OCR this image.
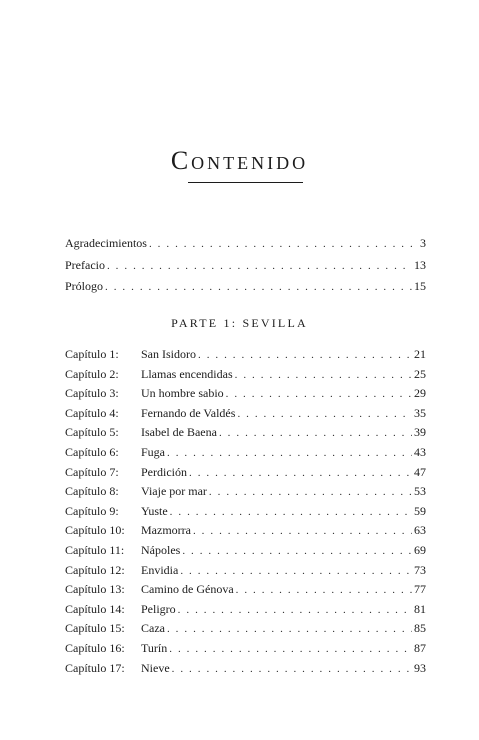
Contenido
Agradecimientos . . .	3
Prefacio . . .	13
Prólogo . . .	15
PARTE 1: SEVILLA
Capítulo 1:	San Isidoro . . .	21
Capítulo 2:	Llamas encendidas . . .	25
Capítulo 3:	Un hombre sabio . . .	29
Capítulo 4:	Fernando de Valdés . . .	35
Capítulo 5:	Isabel de Baena . . .	39
Capítulo 6:	Fuga . . .	43
Capítulo 7:	Perdición . . .	47
Capítulo 8:	Viaje por mar . . .	53
Capítulo 9:	Yuste . . .	59
Capítulo 10:	Mazmorra . . .	63
Capítulo 11:	Nápoles . . .	69
Capítulo 12:	Envidia . . .	73
Capítulo 13:	Camino de Génova . . .	77
Capítulo 14:	Peligro . . .	81
Capítulo 15:	Caza . . .	85
Capítulo 16:	Turín . . .	87
Capítulo 17:	Nieve . . .	93
